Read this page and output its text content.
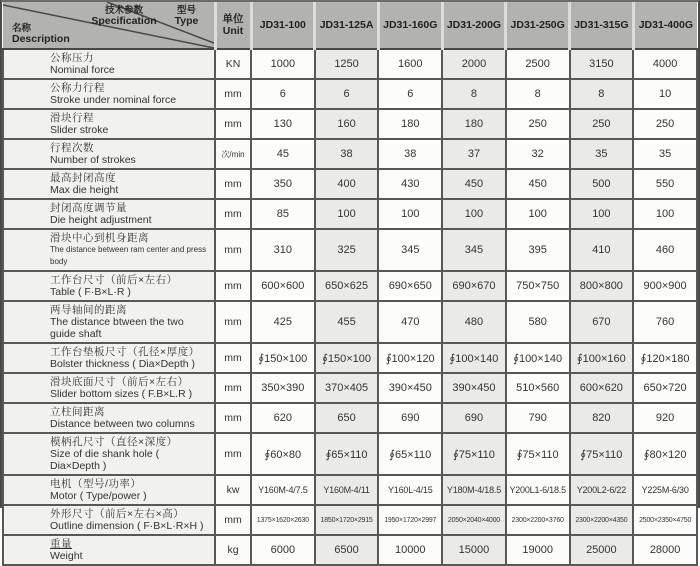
技术参数
Specification
型号
Type
名称
Description
	单位
Unit	JD31-100	JD31-125A	JD31-160G	JD31-200G	JD31-250G	JD31-315G	JD31-400G

公称压力
Nominal force	KN	1000	1250	1600	2000	2500	3150	4000

公称力行程
Stroke under nominal force	mm	6	6	6	8	8	8	10

滑块行程
Slider stroke	mm	130	160	180	180	250	250	250

行程次数
Number of strokes	次/min	45	38	38	37	32	35	35

最高封闭高度
Max die height	mm	350	400	430	450	450	500	550

封闭高度调节量
Die height adjustment	mm	85	100	100	100	100	100	100

滑块中心到机身距离
The distance between ram center and press body	mm	310	325	345	345	395	410	460

工作台尺寸（前后×左右）
Table ( F·B×L·R )	mm	600×600	650×625	690×650	690×670	750×750	800×800	900×900

两导轴间的距离
The distance btween the two guide shaft	mm	425	455	470	480	580	670	760

工作台垫板尺寸（孔径×厚度）
Bolster thickness ( Dia×Depth )	mm	∮150×100	∮150×100	∮100×120	∮100×140	∮100×140	∮100×160	∮120×180

滑块底面尺寸（前后×左右）
Slider bottom sizes ( F.B×L.R )	mm	350×390	370×405	390×450	390×450	510×560	600×620	650×720

立柱间距离
Distance between two columns	mm	620	650	690	690	790	820	920

模柄孔尺寸（直径×深度）
Size of die shank hole ( Dia×Depth )	mm	∮60×80	∮65×110	∮65×110	∮75×110	∮75×110	∮75×110	∮80×120

电机（型号/功率）
Motor ( Type/power )	kw	Y160M-4/7.5	Y160M-4/11	Y160L-4/15	Y180M-4/18.5	Y200L1-6/18.5	Y200L2-6/22	Y225M-6/30

外形尺寸（前后×左右×高）
Outline dimension ( F·B×L·R×H )	mm	1375×1620×2630	1850×1720×2915	1950×1720×2997	2050×2040×4000	2300×2200×3760	2300×2200×4350	2500×2350×4750

重量
Weight	kg	6000	6500	10000	15000	19000	25000	28000
